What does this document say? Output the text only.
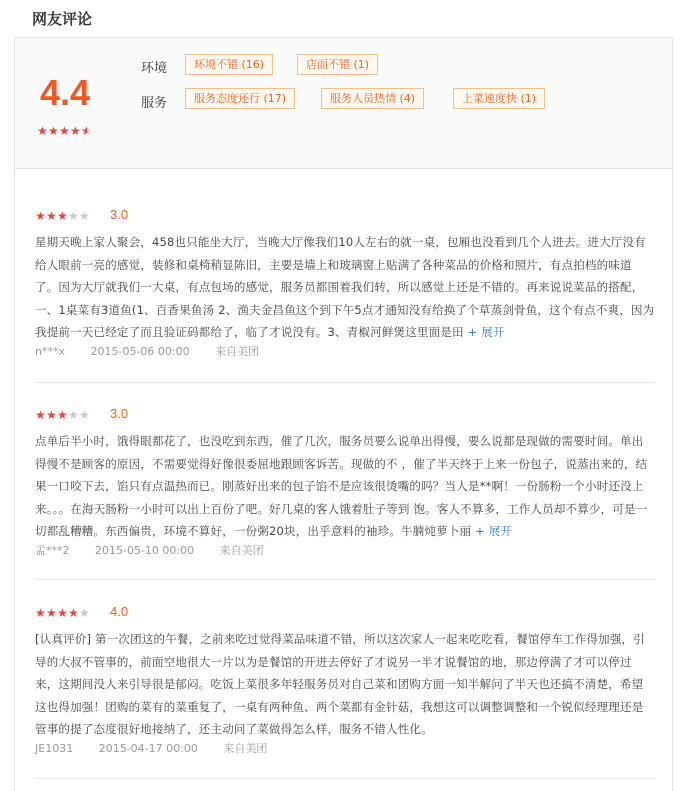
网友评论
4.4
★★★★★
环境	环境不错 (16)	店面不错 (1)
服务	服务态度还行 (17)	服务人员热情 (4)	上菜速度快 (1)
★★★★★ 3.0
星期天晚上家人聚会，458也只能坐大厅，当晚大厅像我们10人左右的就一桌，包厢也没看到几个人进去。进大厅没有给人眼前一亮的感觉，装修和桌椅稍显陈旧，主要是墙上和玻璃窗上贴满了各种菜品的价格和照片，有点拍档的味道了。因为大厅就我们一大桌，有点包场的感觉，服务员都围着我们转，所以感觉上还是不错的。再来说说菜品的搭配，一、1桌菜有3道鱼(1、百香果鱼汤 2、渔夫金昌鱼这个到下午5点才通知没有给换了个草蒸剑骨鱼，这个有点不爽，因为我提前一天已经定了而且验证码都给了，临了才说没有。3、青椒河鲜煲这里面是田 + 展开
n***x 2015-05-06 00:00 来自美团
★★★★★ 3.0
点单后半小时，饿得眼都花了，也没吃到东西，催了几次，服务员要么说单出得慢，要么说都是现做的需要时间。单出得慢不是顾客的原因，不需要觉得好像很委屈地跟顾客诉苦。现做的不 ，催了半天终于上来一份包子，说蒸出来的，结果一口咬下去，馅只有点温热而已。刚蒸好出来的包子馅不是应该很烫嘴的吗？当人是**啊！一份肠粉一个小时还没上来。。。在海天肠粉一小时可以出上百份了吧。好几桌的客人饿着肚子等到 饱。客人不算多，工作人员却不算少，可是一切都乱糟糟。东西偏贵，环境不算好，一份粥20块，出乎意料的袖珍。牛腩炖萝卜丽 + 展开
孟***2 2015-05-10 00:00 来自美团
★★★★★ 4.0
[认真评价] 第一次团这的午餐，之前来吃过觉得菜品味道不错，所以这次家人一起来吃吃看，餐馆停车工作得加强，引导的大叔不管事的，前面空地很大一片以为是餐馆的开进去停好了才说另一半才说餐馆的地，那边停满了才可以停过来，这期间没人来引导很是郁闷。吃饭上菜很多年轻服务员对自己菜和团购方面一知半解问了半天也还搞不清楚，希望这也得加强！团购的菜有的菜重复了，一桌有两种鱼、两个菜都有金针菇，我想这可以调整调整和一个锐似经理理还是管事的提了态度很好地接纳了，还主动问了菜做得怎么样，服务不错人性化。
JE1031 2015-04-17 00:00 来自美团
